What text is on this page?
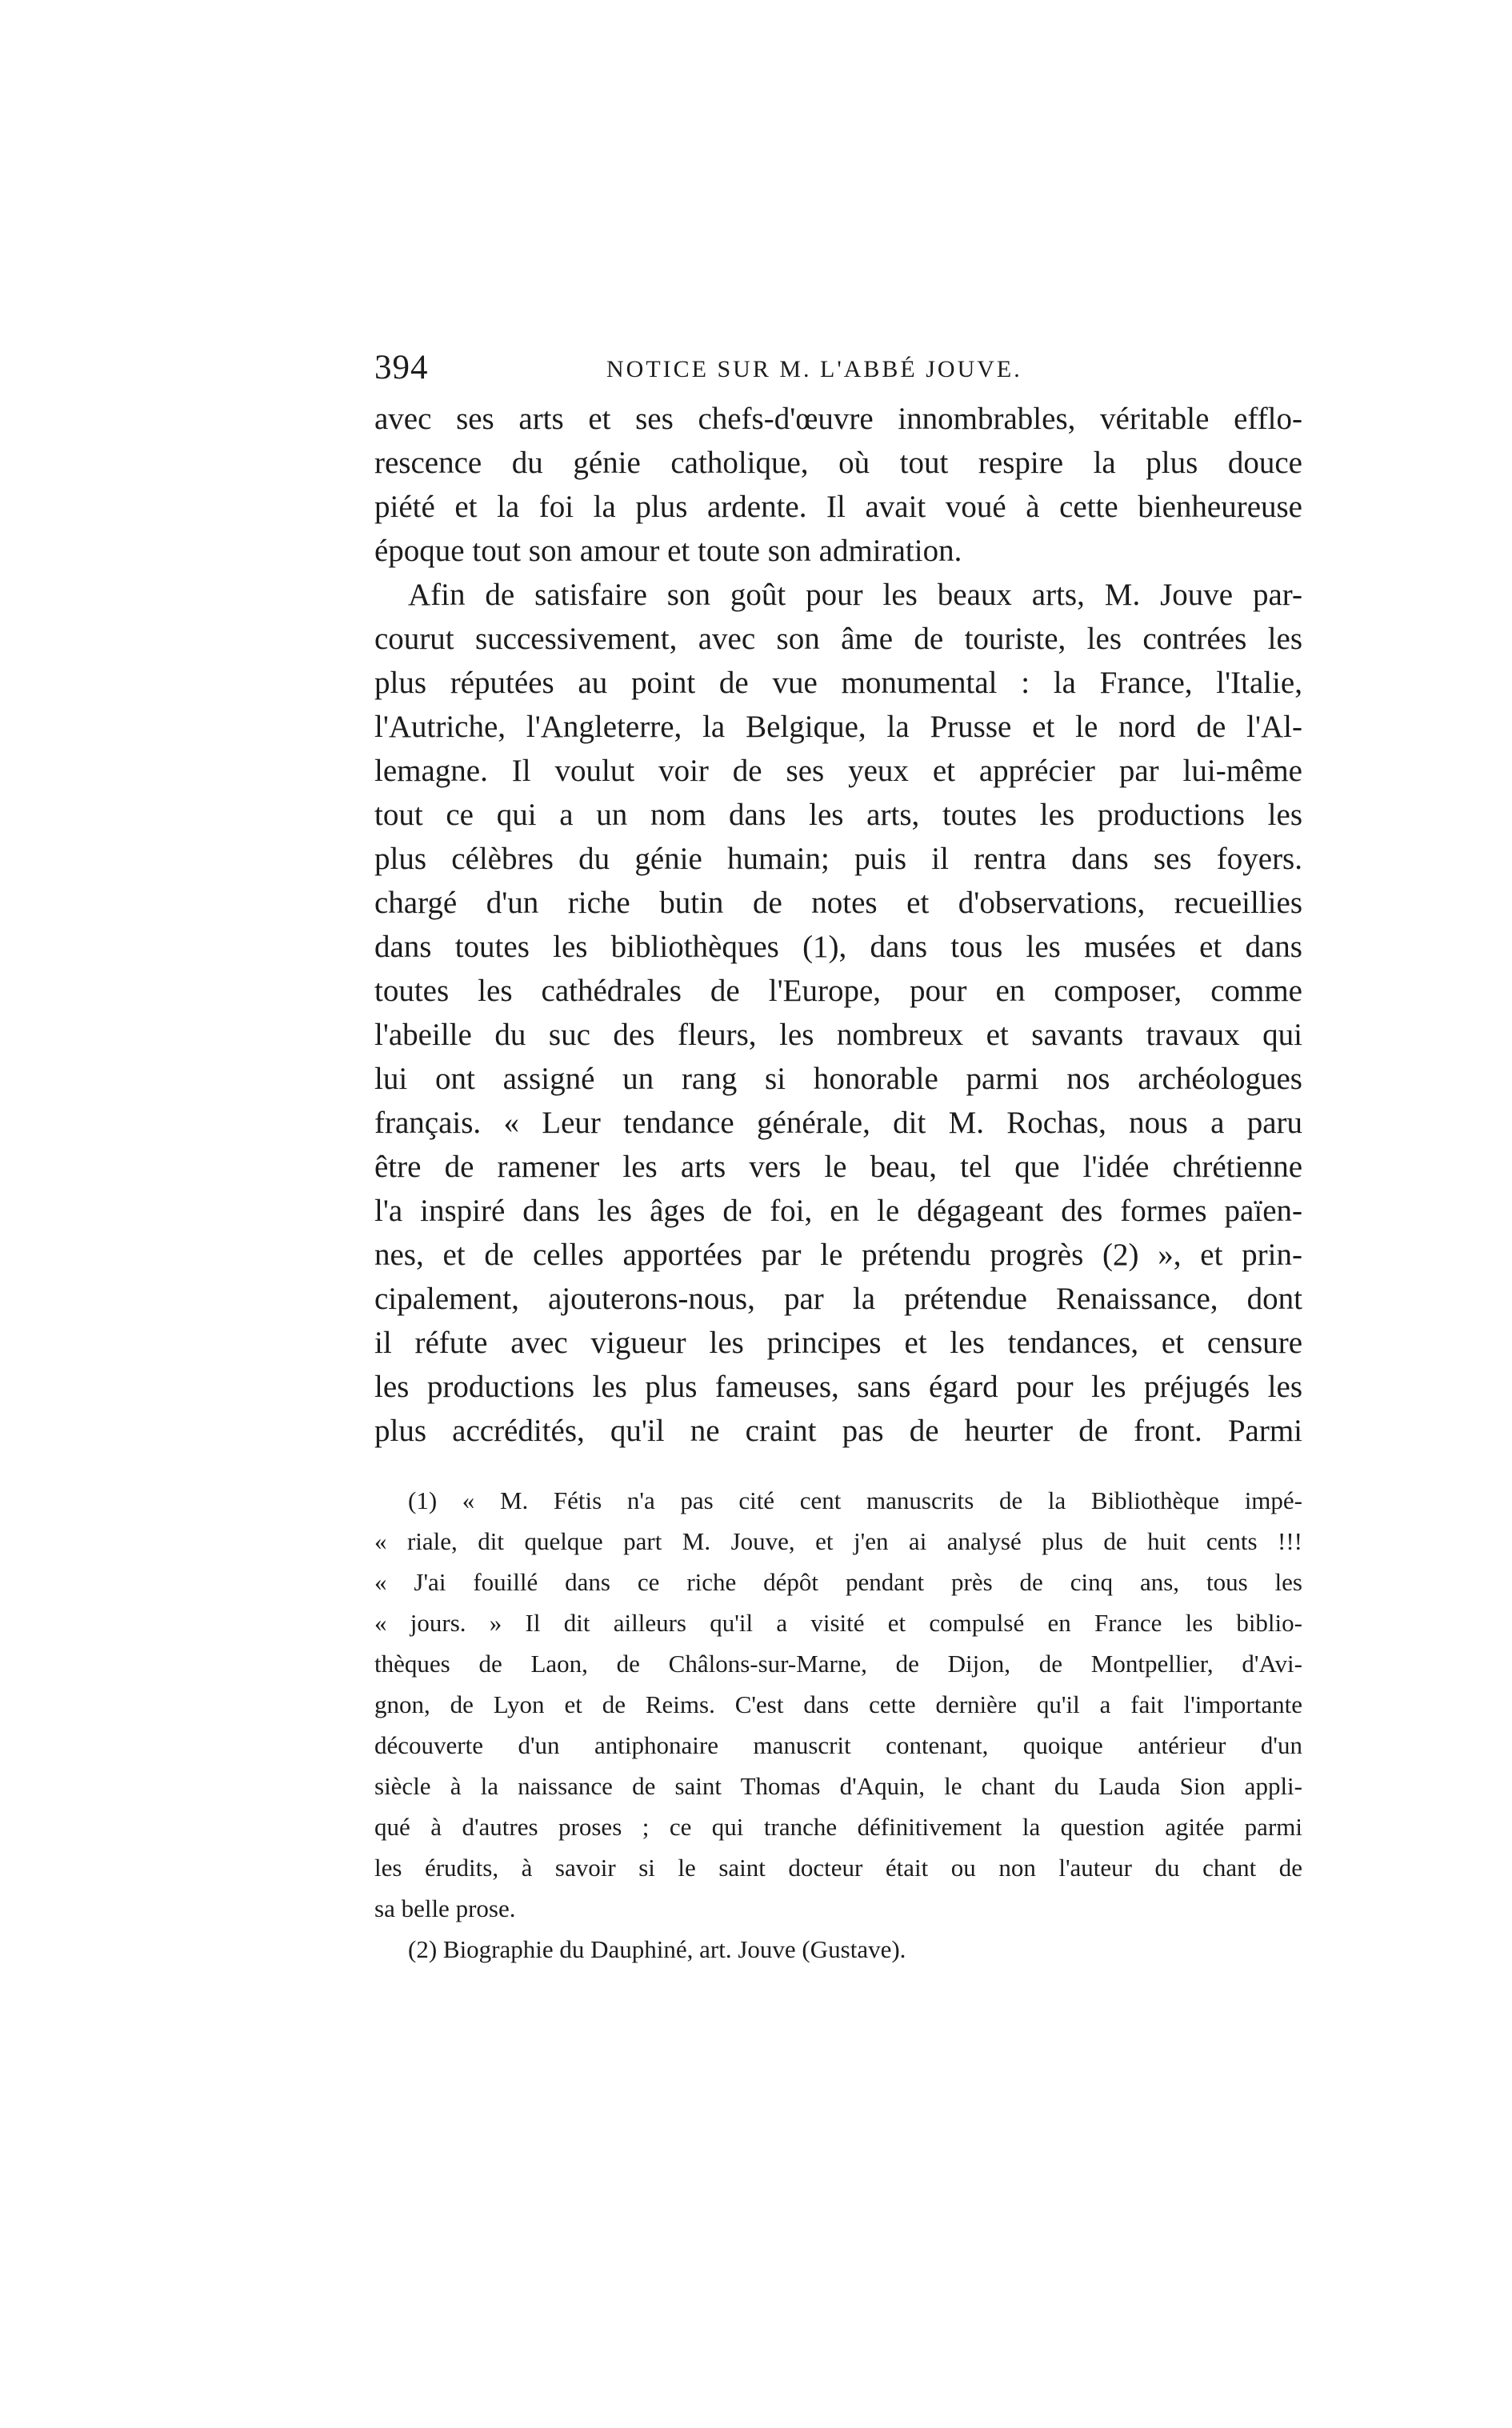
394	NOTICE SUR M. L'ABBÉ JOUVE.
avec ses arts et ses chefs-d'œuvre innombrables, véritable efflo-
rescence du génie catholique, où tout respire la plus douce
piété et la foi la plus ardente. Il avait voué à cette bienheureuse
époque tout son amour et toute son admiration.
Afin de satisfaire son goût pour les beaux arts, M. Jouve par-
courut successivement, avec son âme de touriste, les contrées les
plus réputées au point de vue monumental : la France, l'Italie,
l'Autriche, l'Angleterre, la Belgique, la Prusse et le nord de l'Al-
lemagne. Il voulut voir de ses yeux et apprécier par lui-même
tout ce qui a un nom dans les arts, toutes les productions les
plus célèbres du génie humain; puis il rentra dans ses foyers.
chargé d'un riche butin de notes et d'observations, recueillies
dans toutes les bibliothèques (1), dans tous les musées et dans
toutes les cathédrales de l'Europe, pour en composer, comme
l'abeille du suc des fleurs, les nombreux et savants travaux qui
lui ont assigné un rang si honorable parmi nos archéologues
français. « Leur tendance générale, dit M. Rochas, nous a paru
être de ramener les arts vers le beau, tel que l'idée chrétienne
l'a inspiré dans les âges de foi, en le dégageant des formes païen-
nes, et de celles apportées par le prétendu progrès (2) », et prin-
cipalement, ajouterons-nous, par la prétendue Renaissance, dont
il réfute avec vigueur les principes et les tendances, et censure
les productions les plus fameuses, sans égard pour les préjugés les
plus accrédités, qu'il ne craint pas de heurter de front. Parmi
(1) « M. Fétis n'a pas cité cent manuscrits de la Bibliothèque impé-
« riale, dit quelque part M. Jouve, et j'en ai analysé plus de huit cents !!!
« J'ai fouillé dans ce riche dépôt pendant près de cinq ans, tous les
« jours. » Il dit ailleurs qu'il a visité et compulsé en France les biblio-
thèques de Laon, de Châlons-sur-Marne, de Dijon, de Montpellier, d'Avi-
gnon, de Lyon et de Reims. C'est dans cette dernière qu'il a fait l'importante
découverte d'un antiphonaire manuscrit contenant, quoique antérieur d'un
siècle à la naissance de saint Thomas d'Aquin, le chant du Lauda Sion appli-
qué à d'autres proses ; ce qui tranche définitivement la question agitée parmi
les érudits, à savoir si le saint docteur était ou non l'auteur du chant de
sa belle prose.
(2) Biographie du Dauphiné, art. Jouve (Gustave).
